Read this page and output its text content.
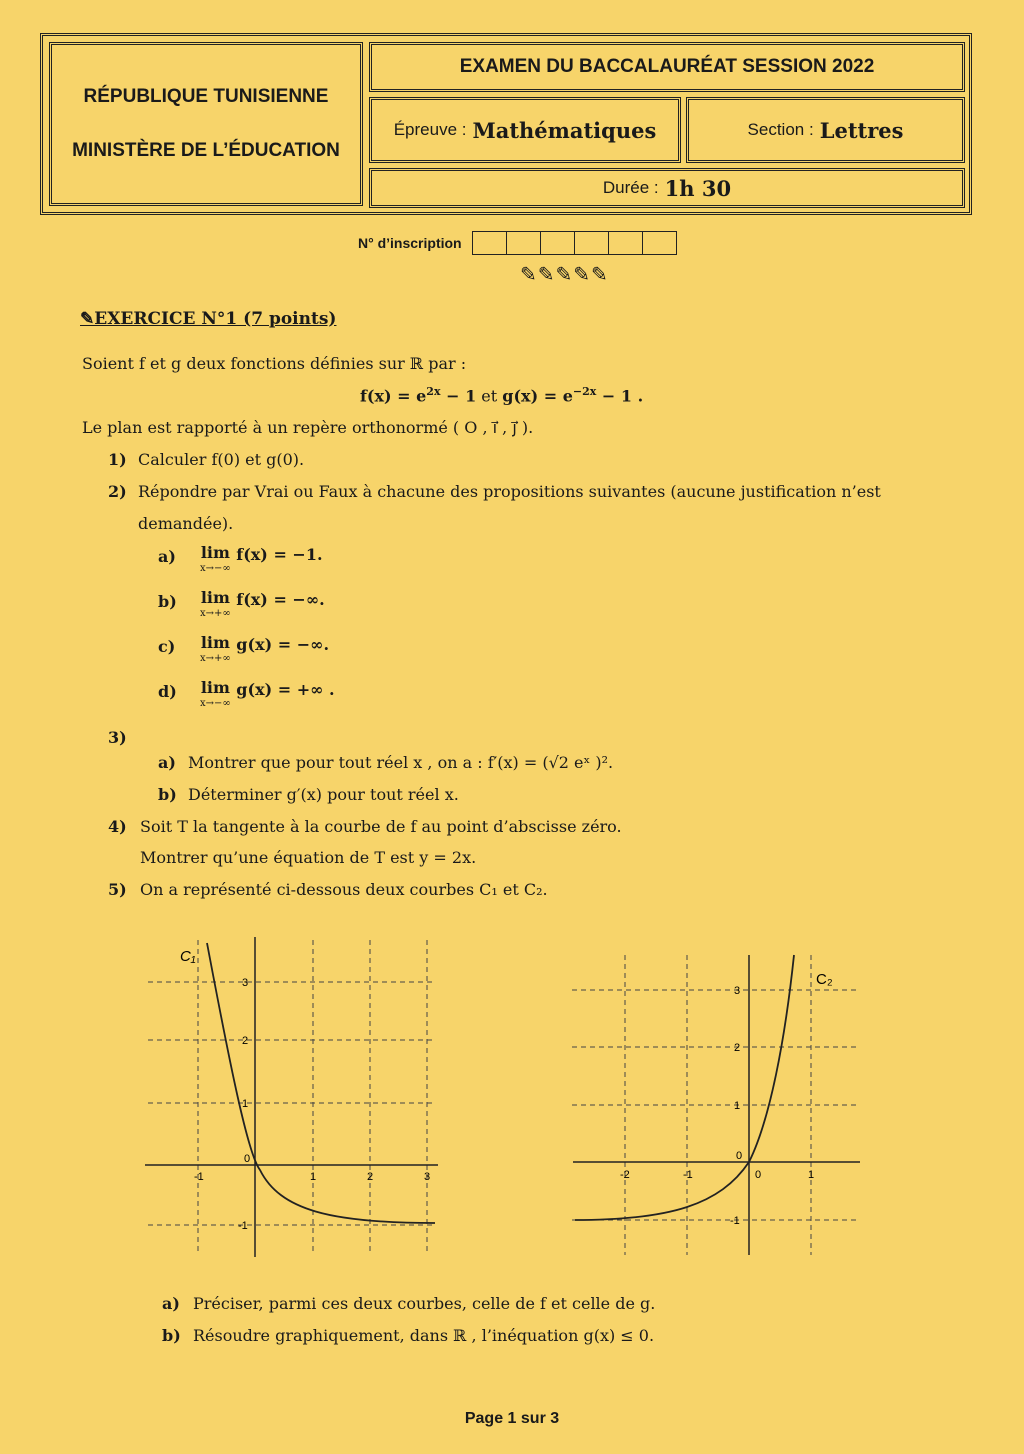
RÉPUBLIQUE TUNISIENNE
MINISTÈRE DE L’ÉDUCATION
EXAMEN DU BACCALAURÉAT SESSION 2022
Épreuve : Mathématiques	Section : Lettres
Durée : 1h 30
N° d’inscription
✎✎✎✎✎
✎EXERCICE N°1 (7 points)
Soient f et g deux fonctions définies sur ℝ par :
$f(x) = e^{2x} - 1$ et $g(x) = e^{-2x} - 1$ .
Le plan est rapporté à un repère orthonormé ( O , i⃗ , j⃗ ).
1) Calculer f(0) et g(0).
2) Répondre par Vrai ou Faux à chacune des propositions suivantes (aucune justification n’est
demandée).
a) lim
x→−∞
f(x) = −1.
b) lim
x→+∞
f(x) = −∞.
c) lim
x→+∞
g(x) = −∞.
d) lim
x→−∞
g(x) = +∞ .
3)
a) Montrer que pour tout réel x , on a : f′(x) = (√2 eˣ )².
b) Déterminer g′(x) pour tout réel x.
4) Soit T la tangente à la courbe de f au point d’abscisse zéro.
Montrer qu’une équation de T est y = 2x.
5) On a représenté ci-dessous deux courbes C₁ et C₂.
C₁
-1	1	2	3
3
2
1
-1
0
C₂
-2	-1	0	1
3
2
1
-1
0
a) Préciser, parmi ces deux courbes, celle de f et celle de g.
b) Résoudre graphiquement, dans ℝ , l’inéquation g(x) ≤ 0.
Page 1 sur 3
